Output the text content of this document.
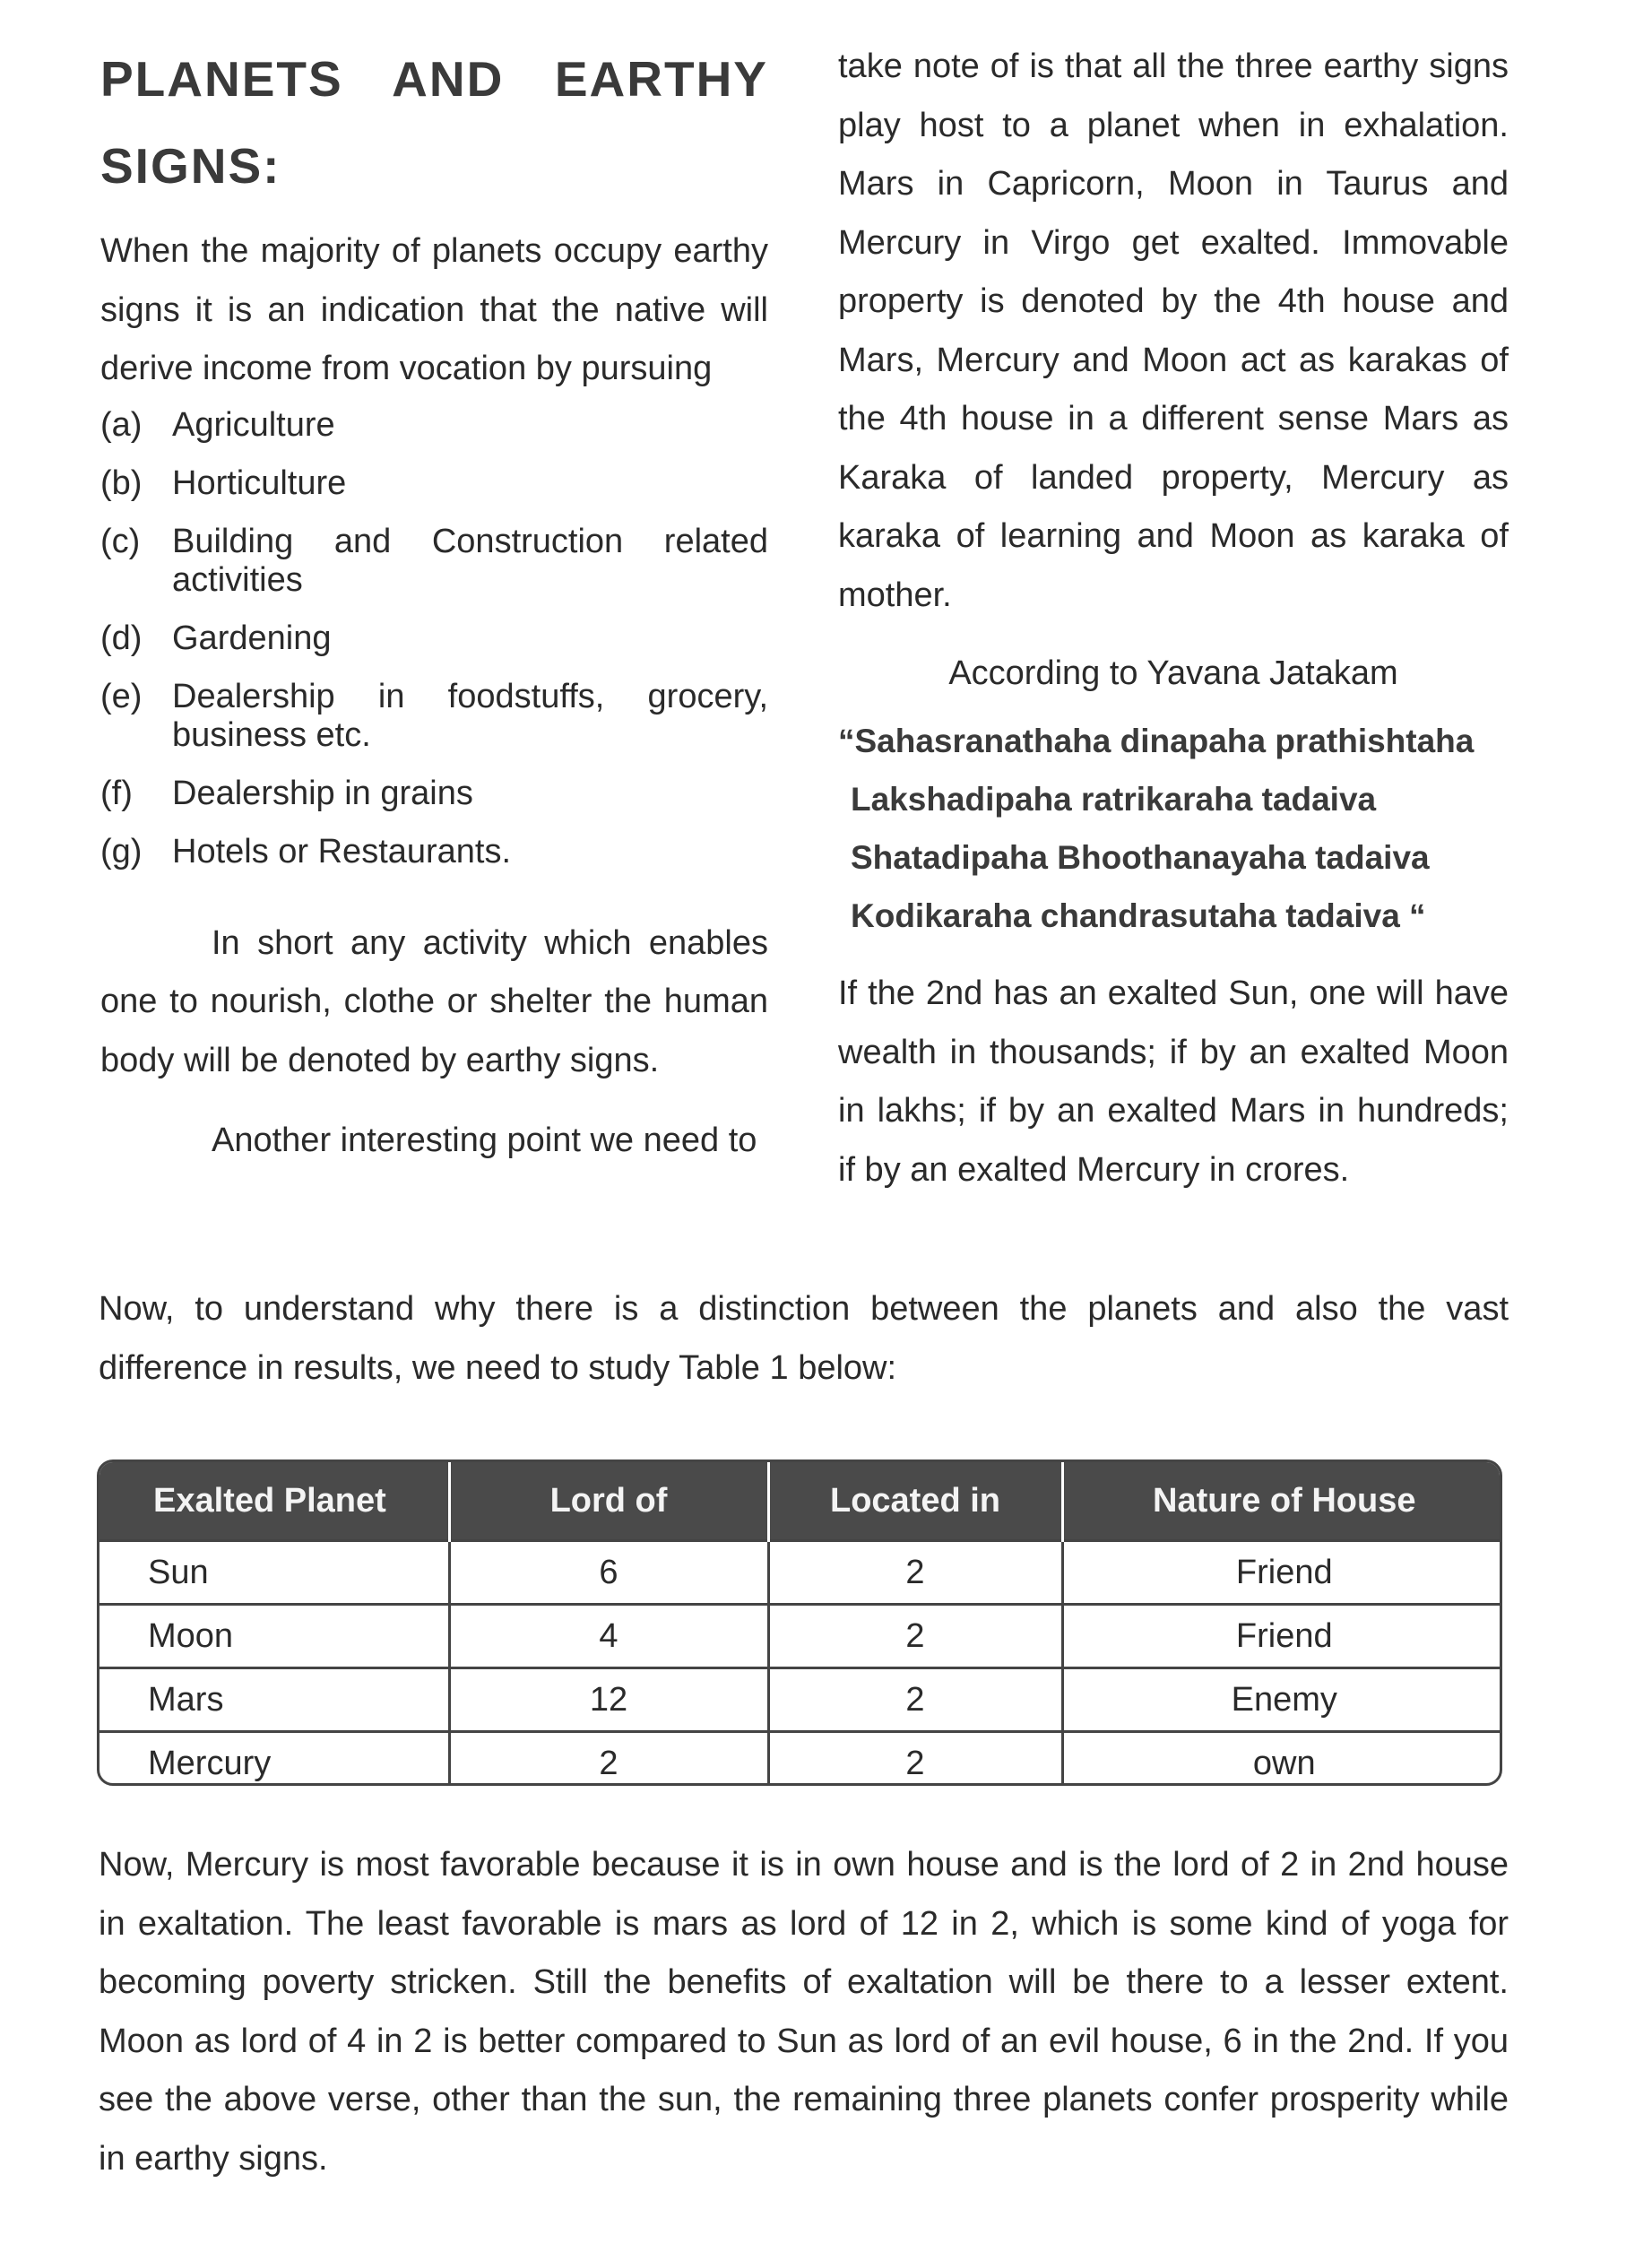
PLANETS AND EARTHY
SIGNS:

When the majority of planets occupy earthy signs it is an indication that the native will derive income from vocation by pursuing

(a) Agriculture
(b) Horticulture
(c) Building and Construction related activities
(d) Gardening
(e) Dealership in foodstuffs, grocery, business etc.
(f)	Dealership in grains
(g) Hotels or Restaurants.

In short any activity which enables one to nourish, clothe or shelter the human body will be denoted by earthy signs.

Another interesting point we need to

take note of is that all the three earthy signs play host to a planet when in exhalation. Mars in Capricorn, Moon in Taurus and Mercury in Virgo get exalted. Immovable property is denoted by the 4th house and Mars, Mercury and Moon act as karakas of the 4th house in a different sense Mars as Karaka of landed property, Mercury as karaka of learning and Moon as karaka of mother.

According to Yavana Jatakam
“Sahasranathaha dinapaha prathishtaha
Lakshadipaha ratrikaraha tadaiva
Shatadipaha Bhoothanayaha tadaiva
Kodikaraha chandrasutaha tadaiva “

If the 2nd has an exalted Sun, one will have wealth in thousands; if by an exalted Moon in lakhs; if by an exalted Mars in hundreds; if by an exalted Mercury in crores.

Now, to understand why there is a distinction between the planets and also the vast difference in results, we need to study Table 1 below:

Exalted Planet	Lord of	Located in	Nature of House
Sun	6	2	Friend
Moon	4	2	Friend
Mars	12	2	Enemy
Mercury	2	2	own

Now, Mercury is most favorable because it is in own house and is the lord of 2 in 2nd house in exaltation. The least favorable is mars as lord of 12 in 2, which is some kind of yoga for becoming poverty stricken. Still the benefits of exaltation will be there to a lesser extent. Moon as lord of 4 in 2 is better compared to Sun as lord of an evil house, 6 in the 2nd. If you see the above verse, other than the sun, the remaining three planets confer prosperity while in earthy signs.
